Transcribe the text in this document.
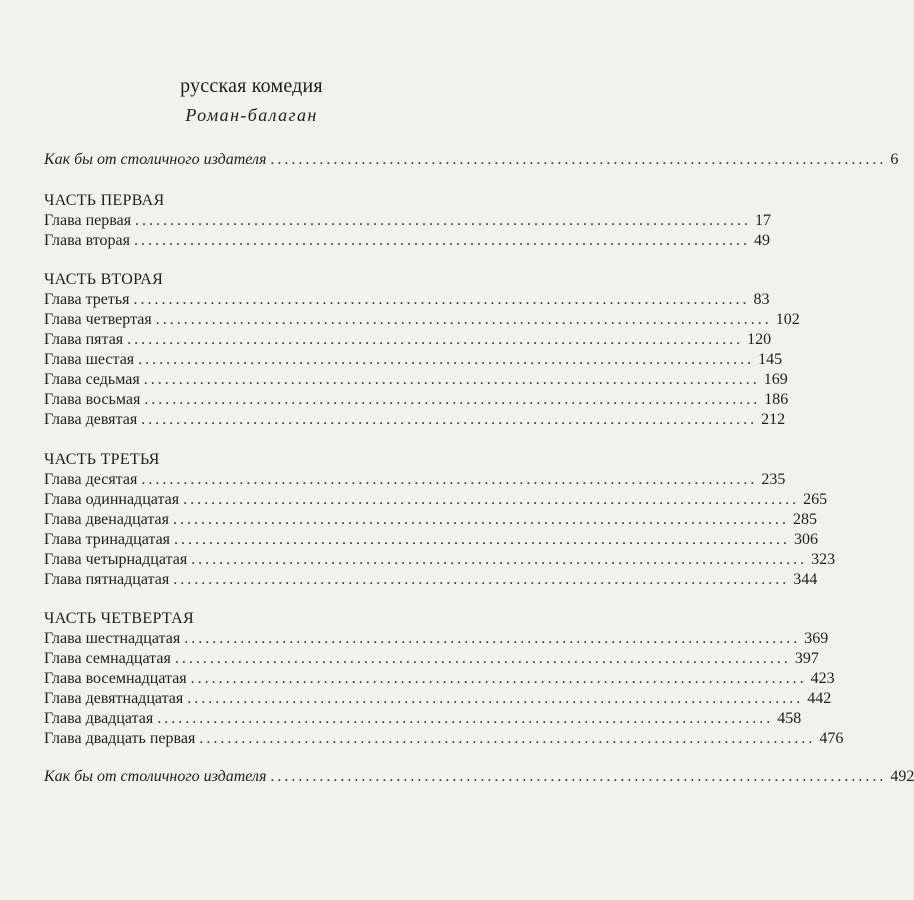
русская комедия
Роман-балаган
Как бы от столичного издателя ........................................................................................ 6
ЧАСТЬ ПЕРВАЯ
Глава первая ........................................................................................ 17
Глава вторая ........................................................................................ 49
ЧАСТЬ ВТОРАЯ
Глава третья ........................................................................................ 83
Глава четвертая ........................................................................................ 102
Глава пятая ........................................................................................ 120
Глава шестая ........................................................................................ 145
Глава седьмая ........................................................................................ 169
Глава восьмая ........................................................................................ 186
Глава девятая ........................................................................................ 212
ЧАСТЬ ТРЕТЬЯ
Глава десятая ........................................................................................ 235
Глава одиннадцатая ........................................................................................ 265
Глава двенадцатая ........................................................................................ 285
Глава тринадцатая ........................................................................................ 306
Глава четырнадцатая ........................................................................................ 323
Глава пятнадцатая ........................................................................................ 344
ЧАСТЬ ЧЕТВЕРТАЯ
Глава шестнадцатая ........................................................................................ 369
Глава семнадцатая ........................................................................................ 397
Глава восемнадцатая ........................................................................................ 423
Глава девятнадцатая ........................................................................................ 442
Глава двадцатая ........................................................................................ 458
Глава двадцать первая ........................................................................................ 476
Как бы от столичного издателя ........................................................................................ 492
